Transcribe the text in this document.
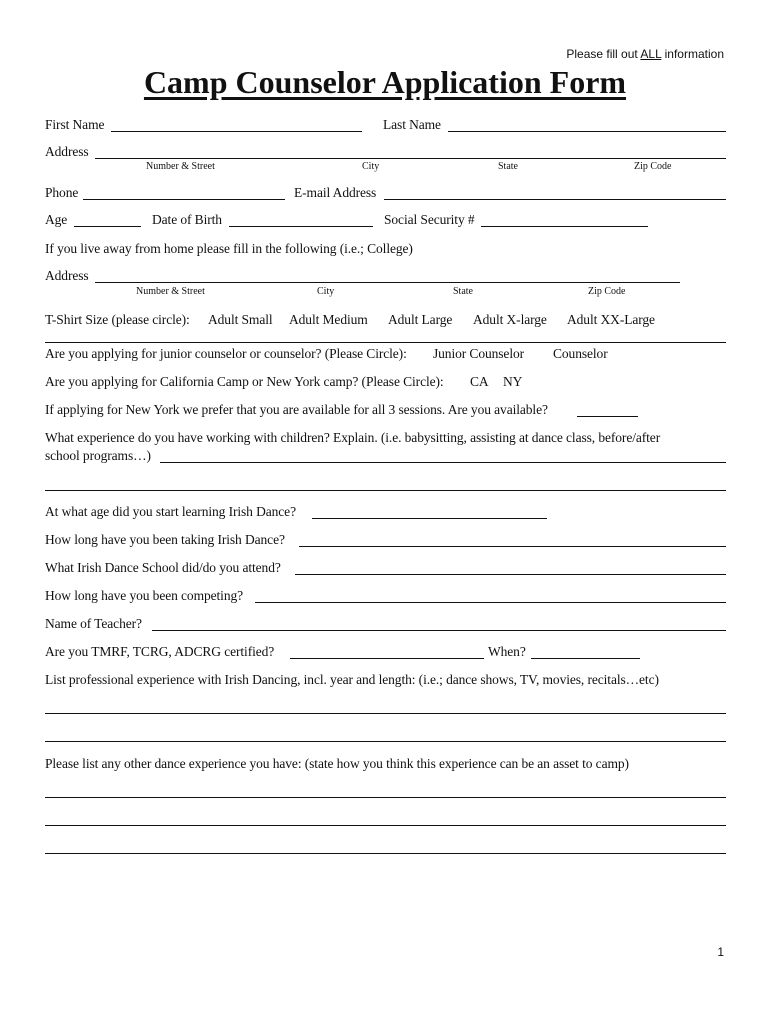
Please fill out ALL information
Camp Counselor Application Form
First Name	Last Name
Address
Number & Street	City	State	Zip Code
Phone	E-mail Address
Age	Date of Birth	Social Security #
If you live away from home please fill in the following (i.e.; College)
Address
Number & Street	City	State	Zip Code
T-Shirt Size (please circle): Adult Small Adult Medium Adult Large Adult X-large Adult XX-Large
Are you applying for junior counselor or counselor? (Please Circle): Junior Counselor Counselor
Are you applying for California Camp or New York camp? (Please Circle): CA NY
If applying for New York we prefer that you are available for all 3 sessions. Are you available?
What experience do you have working with children? Explain. (i.e. babysitting, assisting at dance class, before/after
school programs…)
At what age did you start learning Irish Dance?
How long have you been taking Irish Dance?
What Irish Dance School did/do you attend?
How long have you been competing?
Name of Teacher?
Are you TMRF, TCRG, ADCRG certified?	When?
List professional experience with Irish Dancing, incl. year and length: (i.e.; dance shows, TV, movies, recitals…etc)
Please list any other dance experience you have: (state how you think this experience can be an asset to camp)
1
